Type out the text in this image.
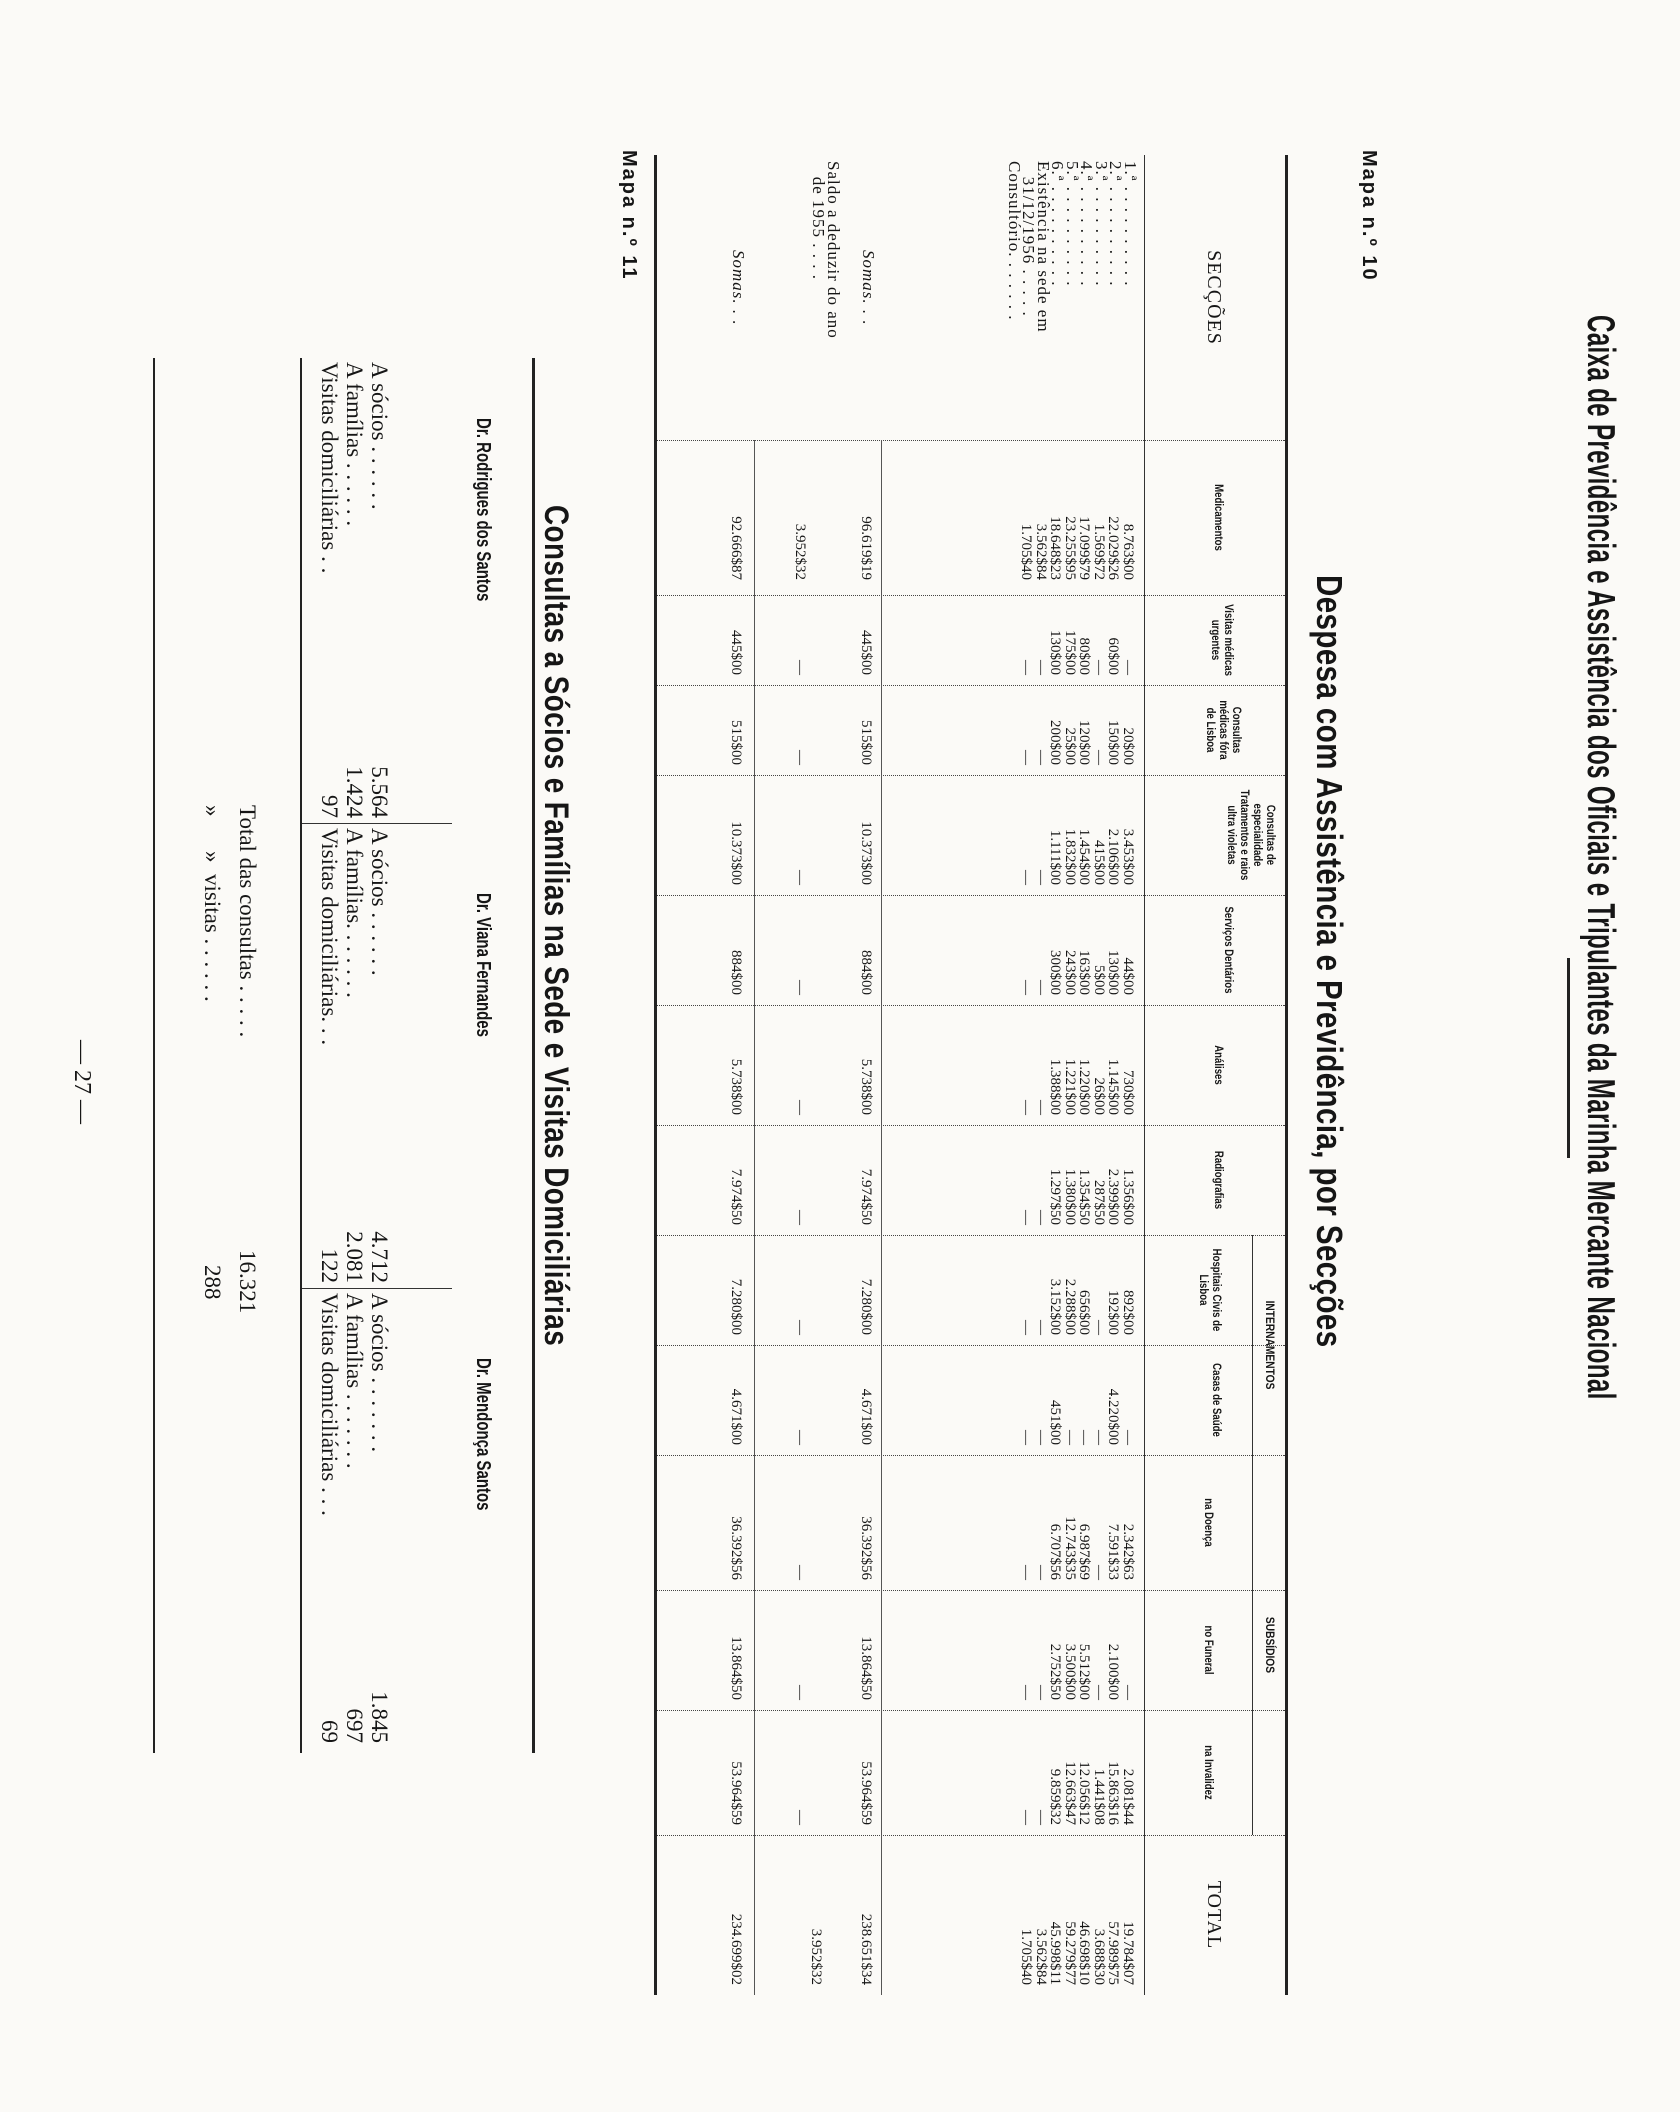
— 27 —	Caixa de Previdência e Assistência dos Oficiais e Tripulantes da Marinha Mercante Nacional
Mapa n.º 10
Despesa com Assistência e Previdência, por Secções
INTERNAMENTOS
SUBSÍDIOS
SECÇÕES
Medicamentos
Visitas médicas urgentes
Consultas médicas fóra de Lisboa
Consultas de especialidade Tratamentos e raios ultra violetas
Serviços Dentários
Análises
Radiografias
Hospitais Civis de Lisboa
Casas de Saúde
na Doença
no Funeral
na Invalidez
TOTAL
1.ª . . . . . . . . . .
2.ª . . . . . . . . . .
3.ª . . . . . . . . . .
4.ª . . . . . . . . . .
5.ª . . . . . . . . . .
6.ª . . . . . . . . . .
Existência na sede em
31/12/1956 . . . . .
Consultório. . . . . . .
Somas. . .
Saldo a deduzir do ano
de 1955 . . . .
Somas. . .
8.763$00
22.029$26
1.569$72
17.099$79
23.255$95
18.648$23
3.562$84
1.705$40
—
60$00
—
80$00
175$00
130$00
—
—
20$00
150$00
—
120$00
25$00
200$00
—
—
3.453$00
2.106$00
415$00
1.454$00
1.832$00
1.111$00
—
—
44$00
130$00
5$00
163$00
243$00
300$00
—
—
730$00
1.145$00
26$00
1.220$00
1.221$00
1.388$00
—
—
1.356$00
2.399$00
287$50
1.354$50
1.380$00
1.297$50
—
—
892$00
192$00
—
656$00
2.288$00
3.152$00
—
—
—
4.220$00
—
—
—
451$00
—
—
2.342$63
7.591$33
—
6.987$69
12.743$35
6.707$56
—
—
—
2.100$00
—
5.512$00
3.500$00
2.752$50
—
—
2.081$44
15.863$16
1.441$08
12.056$12
12.663$47
9.859$32
—
—
19.784$07
57.989$75
3.688$30
46.698$10
59.279$77
45.998$11
3.562$84
1.705$40
96.619$19
445$00
515$00
10.373$00
884$00
5.738$00
7.974$50
7.280$00
4.671$00
36.392$56
13.864$50
53.964$59
238.651$34
3.952$32
—
—
—
—
—
—
—
—
—
—
—
3.952$32
92.666$87
445$00
515$00
10.373$00
884$00
5.738$00
7.974$50
7.280$00
4.671$00
36.392$56
13.864$50
53.964$59
234.699$02
Mapa n.º 11
Consultas a Sócios e Famílias na Sede e Visitas Domiciliárias
Dr. Rodrigues dos Santos
Dr. Viana Fernandes
Dr. Mendonça Santos
A sócios . . . . . .
A famílias . . . . . .
Visitas domiciliárias . .
5.564
1.424
97
A sócios . . . . . .
A famílias. . . . . . .
Visitas domiciliárias. . .
4.712
2.081
122
A sócios . . . . . . .
A famílias . . . . . . .
Visitas domiciliárias . . .
1.845
697
69
Total das consultas . . . . .
16.321
»      »  visitas . . . . . .
288
